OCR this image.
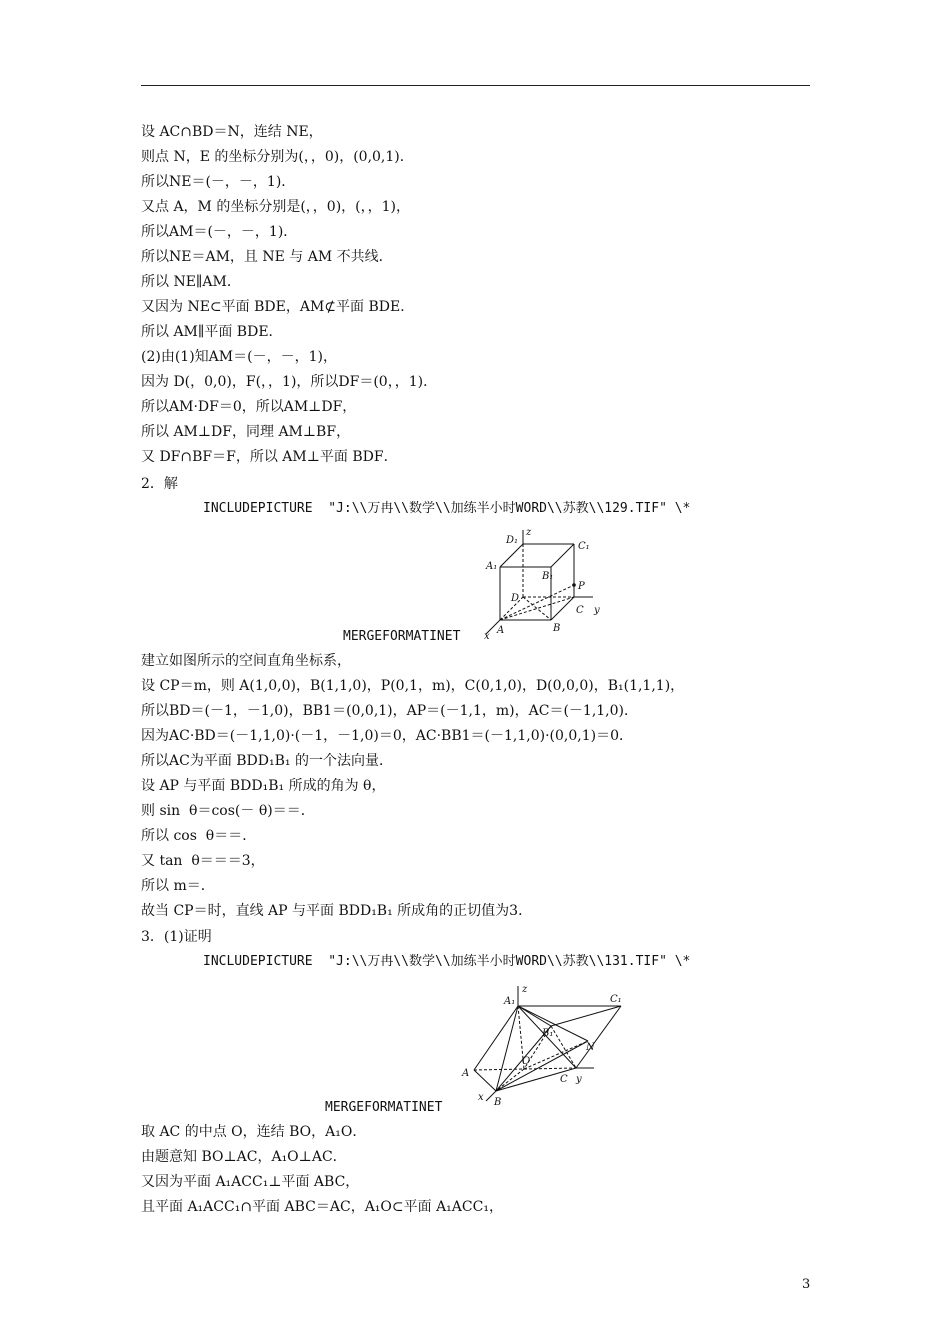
设 AC∩BD＝N，连结 NE，
则点 N，E 的坐标分别为(，，0)，(0,0,1)．
所以NE＝(－，－，1)．
又点 A，M 的坐标分别是(，，0)，(，，1)，
所以AM＝(－，－，1)．
所以NE＝AM，且 NE 与 AM 不共线．
所以 NE∥AM．
又因为 NE⊂平面 BDE，AM⊄平面 BDE．
所以 AM∥平面 BDE．
(2)由(1)知AM＝(－，－，1)，
因为 D(，0,0)，F(，，1)，所以DF＝(0，，1)．
所以AM·DF＝0，所以AM⊥DF，
所以 AM⊥DF，同理 AM⊥BF，
又 DF∩BF＝F，所以 AM⊥平面 BDF．
2．解
INCLUDEPICTURE  "J:\\万冉\\数学\\加练半小时WORD\\苏教\\129.TIF" \*
D₁
z
C₁
A₁
B₁
P
D
C y
x
A	B
MERGEFORMATINET
建立如图所示的空间直角坐标系，
设 CP＝m，则 A(1,0,0)，B(1,1,0)，P(0,1，m)，C(0,1,0)，D(0,0,0)，B₁(1,1,1)，
所以BD＝(－1，－1,0)，BB1＝(0,0,1)，AP＝(－1,1，m)，AC＝(－1,1,0)．
因为AC·BD＝(－1,1,0)·(－1，－1,0)＝0，AC·BB1＝(－1,1,0)·(0,0,1)＝0．
所以AC为平面 BDD₁B₁ 的一个法向量．
设 AP 与平面 BDD₁B₁ 所成的角为 θ，
则 sin  θ＝cos(－ θ)＝＝．
所以 cos  θ＝＝．
又 tan  θ＝＝＝3，
所以 m＝．
故当 CP＝时，直线 AP 与平面 BDD₁B₁ 所成角的正切值为3．
3．(1)证明
INCLUDEPICTURE  "J:\\万冉\\数学\\加练半小时WORD\\苏教\\131.TIF" \*
A₁
z
C₁
B₁
N
O
A
C y
x B
MERGEFORMATINET
取 AC 的中点 O，连结 BO，A₁O．
由题意知 BO⊥AC，A₁O⊥AC．
又因为平面 A₁ACC₁⊥平面 ABC，
且平面 A₁ACC₁∩平面 ABC＝AC，A₁O⊂平面 A₁ACC₁，
3
